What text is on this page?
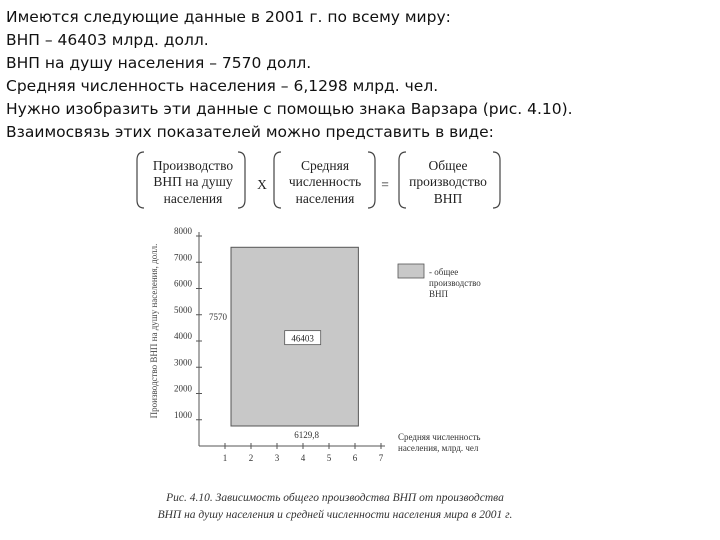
Имеются следующие данные в 2001 г. по всему миру:
ВНП – 46403 млрд. долл.
ВНП на душу населения – 7570 долл.
Средняя численность населения – 6,1298 млрд. чел.
Нужно изобразить эти данные с помощью знака Варзара (рис. 4.10).
Взаимосвязь этих показателей можно представить в виде:
Производство
ВНП на душу
населения
X
Средняя
численность
населения
=
Общее
производство
ВНП
1000
2000
3000
4000
5000
6000
7000
8000
1 2 3 4 5 6 7
Производство ВНП на душу населения, долл.	7570
46403
6129,8	Средняя численность
населения, млрд. чел
- общее
производство
ВНП
Рис. 4.10. Зависимость общего производства ВНП от производства
ВНП на душу населения и средней численности населения мира в 2001 г.
